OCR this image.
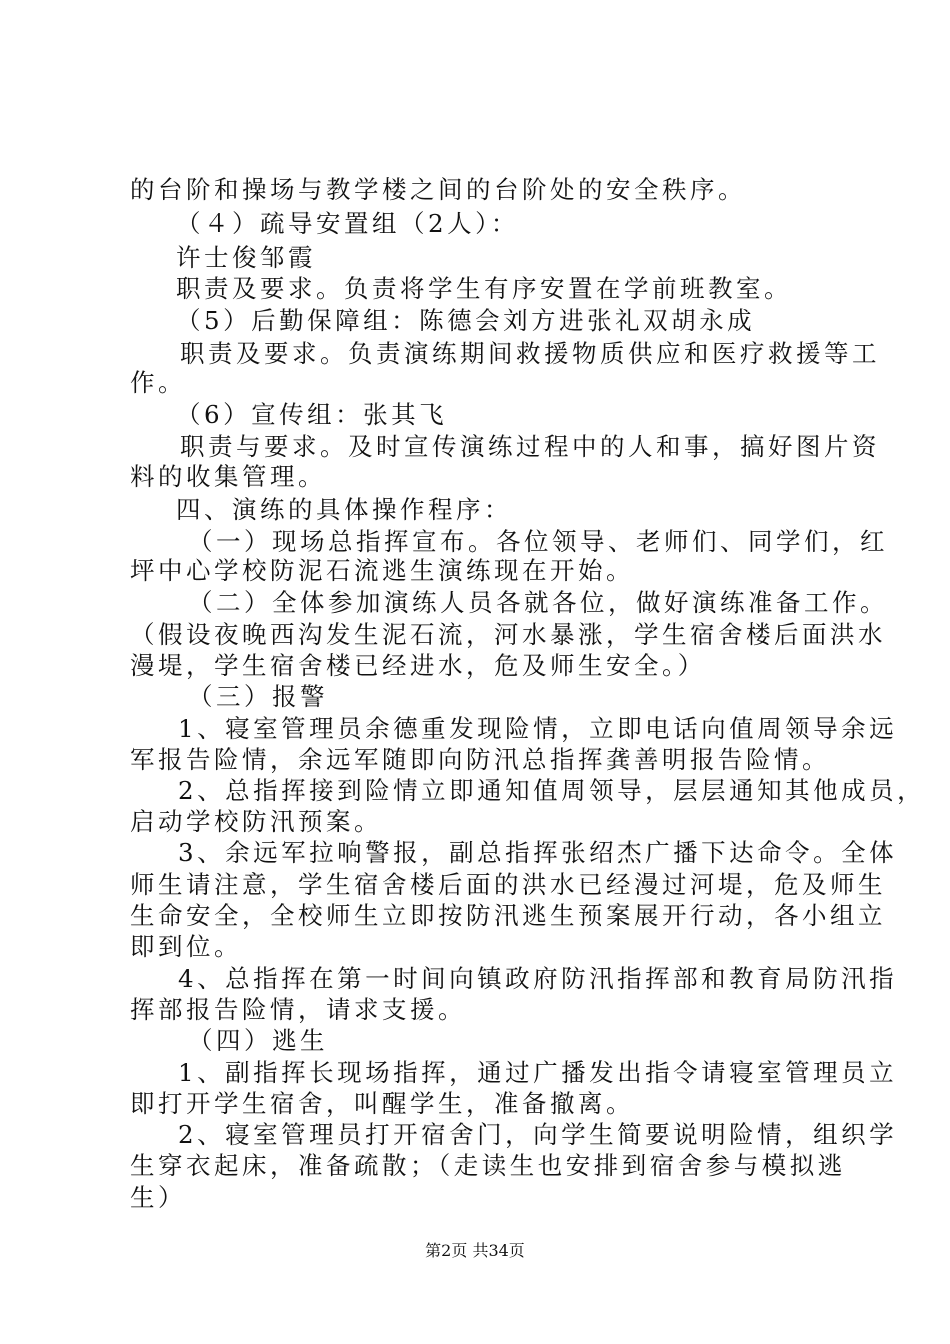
的台阶和操场与教学楼之间的台阶处的安全秩序。
（４）疏导安置组（2人）：
许士俊邹霞
职责及要求。负责将学生有序安置在学前班教室。
（5）后勤保障组：陈德会刘方进张礼双胡永成
职责及要求。负责演练期间救援物质供应和医疗救援等工
作。
（6）宣传组：张其飞
职责与要求。及时宣传演练过程中的人和事，搞好图片资
料的收集管理。
四、演练的具体操作程序：
（一）现场总指挥宣布。各位领导、老师们、同学们，红
坪中心学校防泥石流逃生演练现在开始。
（二）全体参加演练人员各就各位，做好演练准备工作。
（假设夜晚西沟发生泥石流，河水暴涨，学生宿舍楼后面洪水
漫堤，学生宿舍楼已经进水，危及师生安全。）
（三）报警
1、寝室管理员余德重发现险情，立即电话向值周领导余远
军报告险情，余远军随即向防汛总指挥龚善明报告险情。
2、总指挥接到险情立即通知值周领导，层层通知其他成员，
启动学校防汛预案。
3、余远军拉响警报，副总指挥张绍杰广播下达命令。全体
师生请注意，学生宿舍楼后面的洪水已经漫过河堤，危及师生
生命安全，全校师生立即按防汛逃生预案展开行动，各小组立
即到位。
4、总指挥在第一时间向镇政府防汛指挥部和教育局防汛指
挥部报告险情，请求支援。
（四）逃生
1、副指挥长现场指挥，通过广播发出指令请寝室管理员立
即打开学生宿舍，叫醒学生，准备撤离。
2、寝室管理员打开宿舍门，向学生简要说明险情，组织学
生穿衣起床，准备疏散；（走读生也安排到宿舍参与模拟逃
生）
第2页 共34页
